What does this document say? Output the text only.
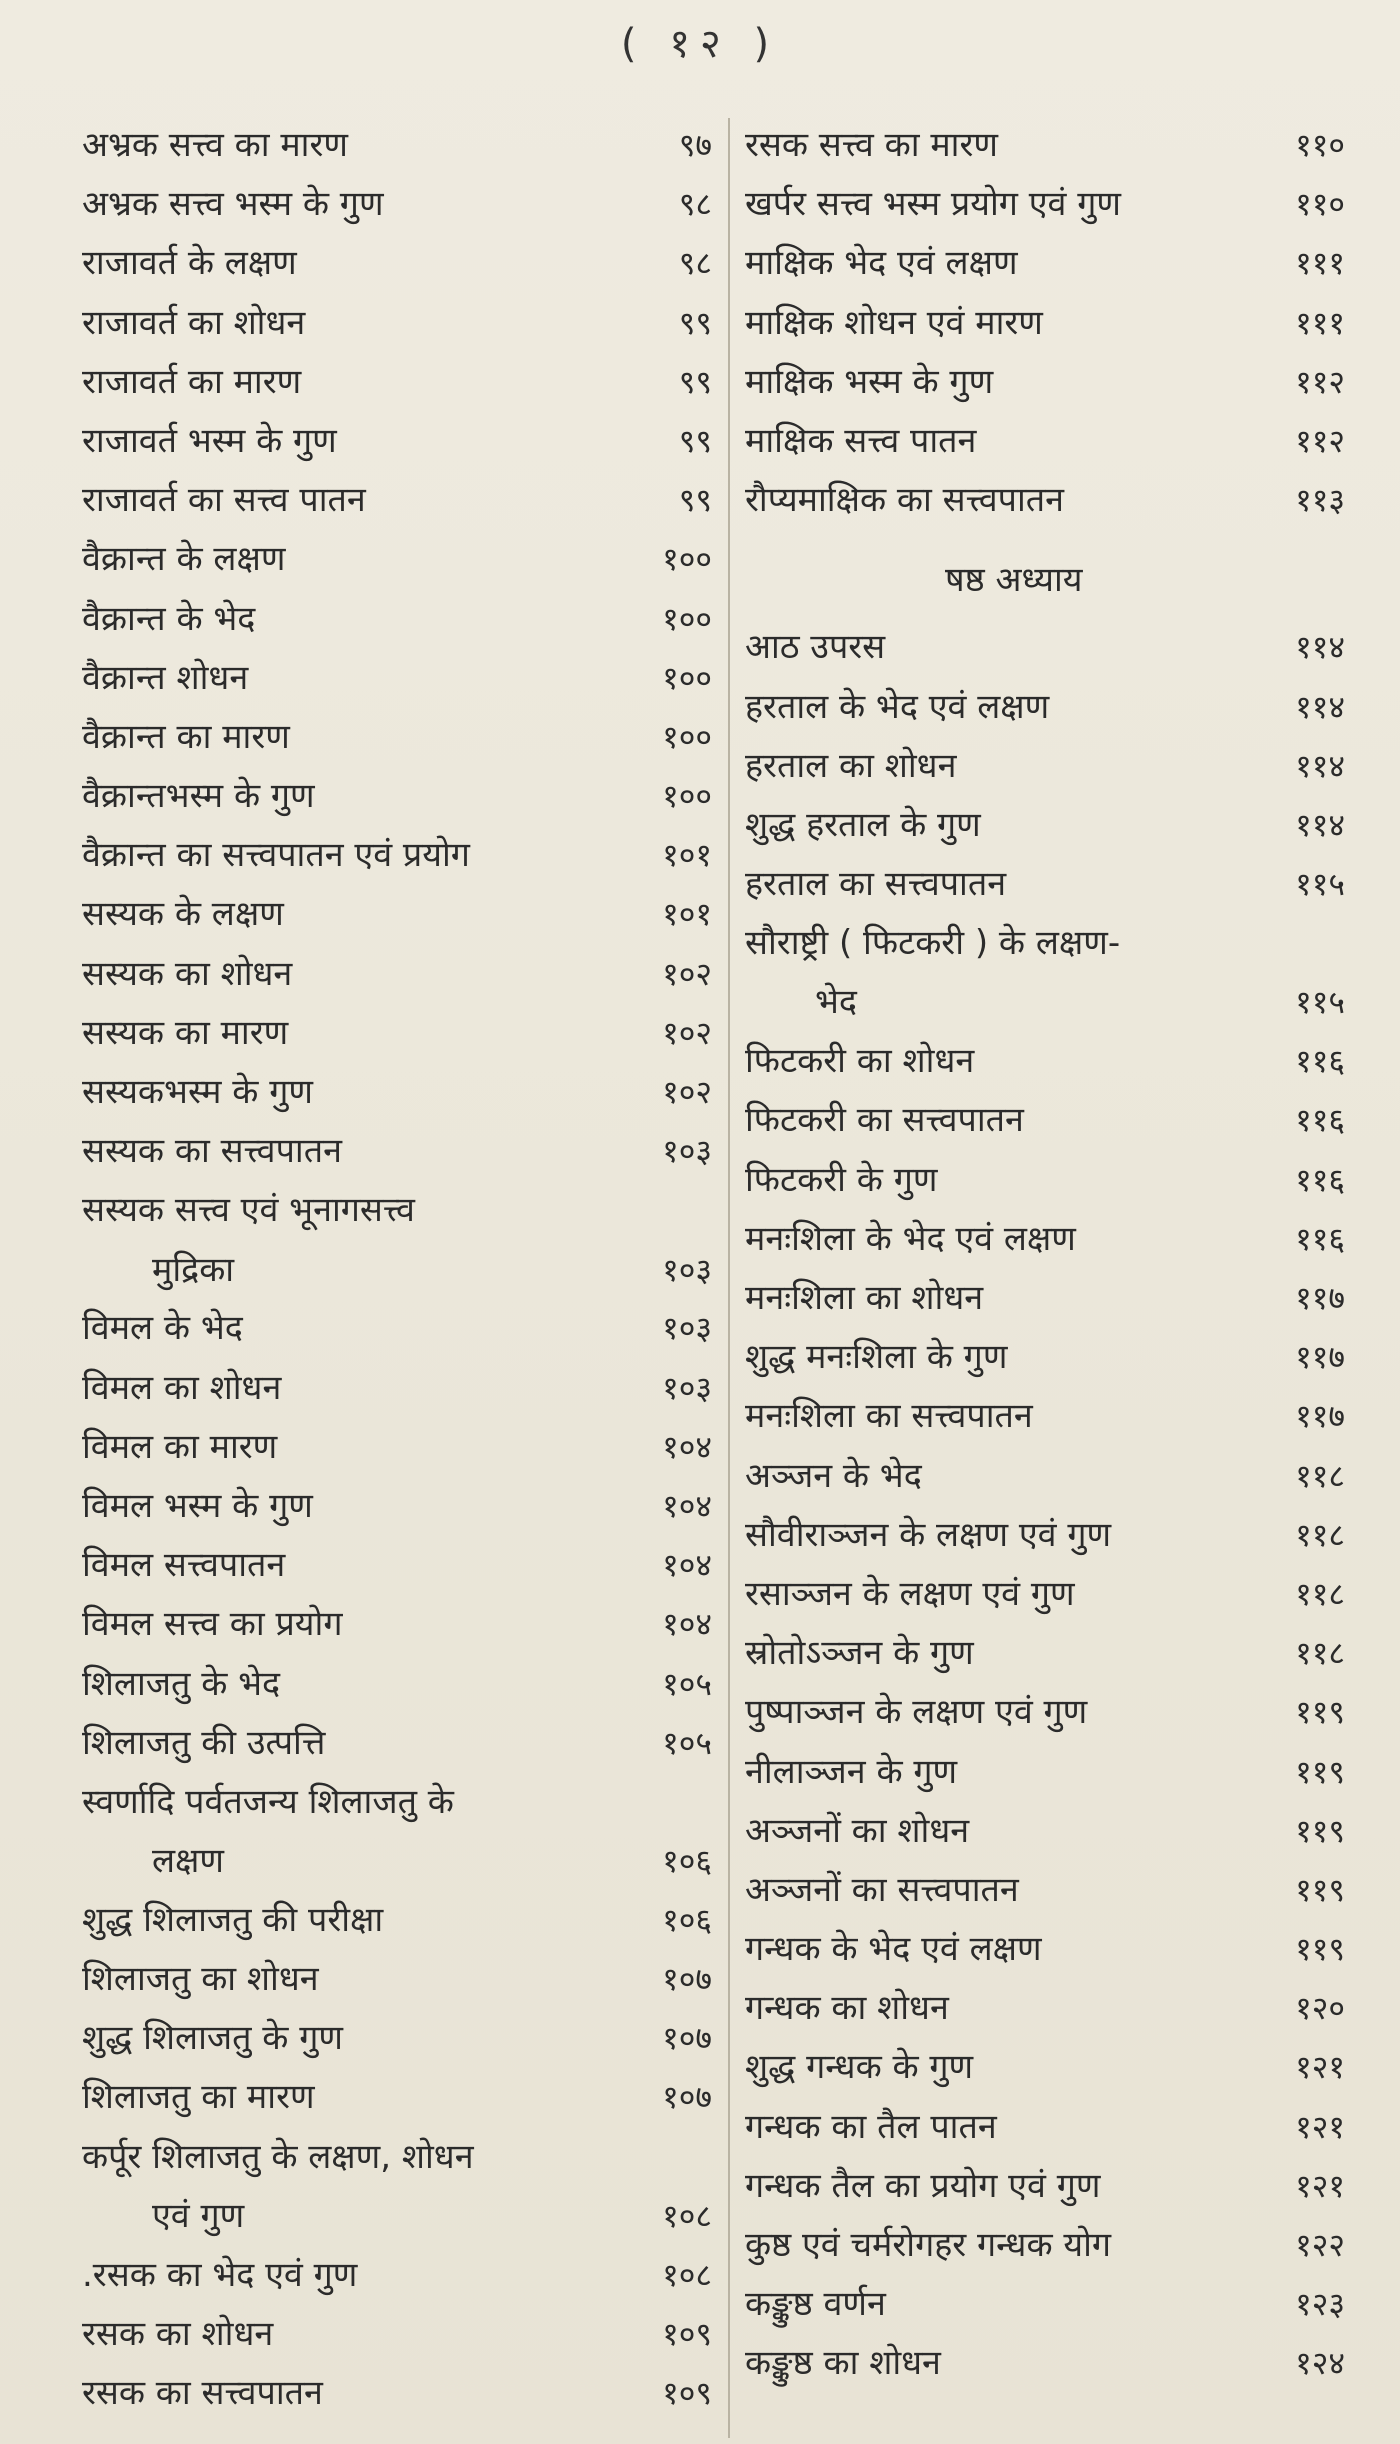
( १२ )
अभ्रक सत्त्व का मारण	९७
अभ्रक सत्त्व भस्म के गुण	९८
राजावर्त के लक्षण	९८
राजावर्त का शोधन	९९
राजावर्त का मारण	९९
राजावर्त भस्म के गुण	९९
राजावर्त का सत्त्व पातन	९९
वैक्रान्त के लक्षण	१००
वैक्रान्त के भेद	१००
वैक्रान्त शोधन	१००
वैक्रान्त का मारण	१००
वैक्रान्तभस्म के गुण	१००
वैक्रान्त का सत्त्वपातन एवं प्रयोग	१०१
सस्यक के लक्षण	१०१
सस्यक का शोधन	१०२
सस्यक का मारण	१०२
सस्यकभस्म के गुण	१०२
सस्यक का सत्त्वपातन	१०३
सस्यक सत्त्व एवं भूनागसत्त्व
मुद्रिका	१०३
विमल के भेद	१०३
विमल का शोधन	१०३
विमल का मारण	१०४
विमल भस्म के गुण	१०४
विमल सत्त्वपातन	१०४
विमल सत्त्व का प्रयोग	१०४
शिलाजतु के भेद	१०५
शिलाजतु की उत्पत्ति	१०५
स्वर्णादि पर्वतजन्य शिलाजतु के
लक्षण	१०६
शुद्ध शिलाजतु की परीक्षा	१०६
शिलाजतु का शोधन	१०७
शुद्ध शिलाजतु के गुण	१०७
शिलाजतु का मारण	१०७
कर्पूर शिलाजतु के लक्षण, शोधन
एवं गुण	१०८
.रसक का भेद एवं गुण	१०८
रसक का शोधन	१०९
रसक का सत्त्वपातन	१०९
रसक सत्त्व का मारण	११०
खर्पर सत्त्व भस्म प्रयोग एवं गुण	११०
माक्षिक भेद एवं लक्षण	१११
माक्षिक शोधन एवं मारण	१११
माक्षिक भस्म के गुण	११२
माक्षिक सत्त्व पातन	११२
रौप्यमाक्षिक का सत्त्वपातन	११३
षष्ठ अध्याय
आठ उपरस	११४
हरताल के भेद एवं लक्षण	११४
हरताल का शोधन	११४
शुद्ध हरताल के गुण	११४
हरताल का सत्त्वपातन	११५
सौराष्ट्री ( फिटकरी ) के लक्षण-
भेद	११५
फिटकरी का शोधन	११६
फिटकरी का सत्त्वपातन	११६
फिटकरी के गुण	११६
मनःशिला के भेद एवं लक्षण	११६
मनःशिला का शोधन	११७
शुद्ध मनःशिला के गुण	११७
मनःशिला का सत्त्वपातन	११७
अञ्जन के भेद	११८
सौवीराञ्जन के लक्षण एवं गुण	११८
रसाञ्जन के लक्षण एवं गुण	११८
स्रोतोऽञ्जन के गुण	११८
पुष्पाञ्जन के लक्षण एवं गुण	११९
नीलाञ्जन के गुण	११९
अञ्जनों का शोधन	११९
अञ्जनों का सत्त्वपातन	११९
गन्धक के भेद एवं लक्षण	११९
गन्धक का शोधन	१२०
शुद्ध गन्धक के गुण	१२१
गन्धक का तैल पातन	१२१
गन्धक तैल का प्रयोग एवं गुण	१२१
कुष्ठ एवं चर्मरोगहर गन्धक योग	१२२
कङ्कुष्ठ वर्णन	१२३
कङ्कुष्ठ का शोधन	१२४
